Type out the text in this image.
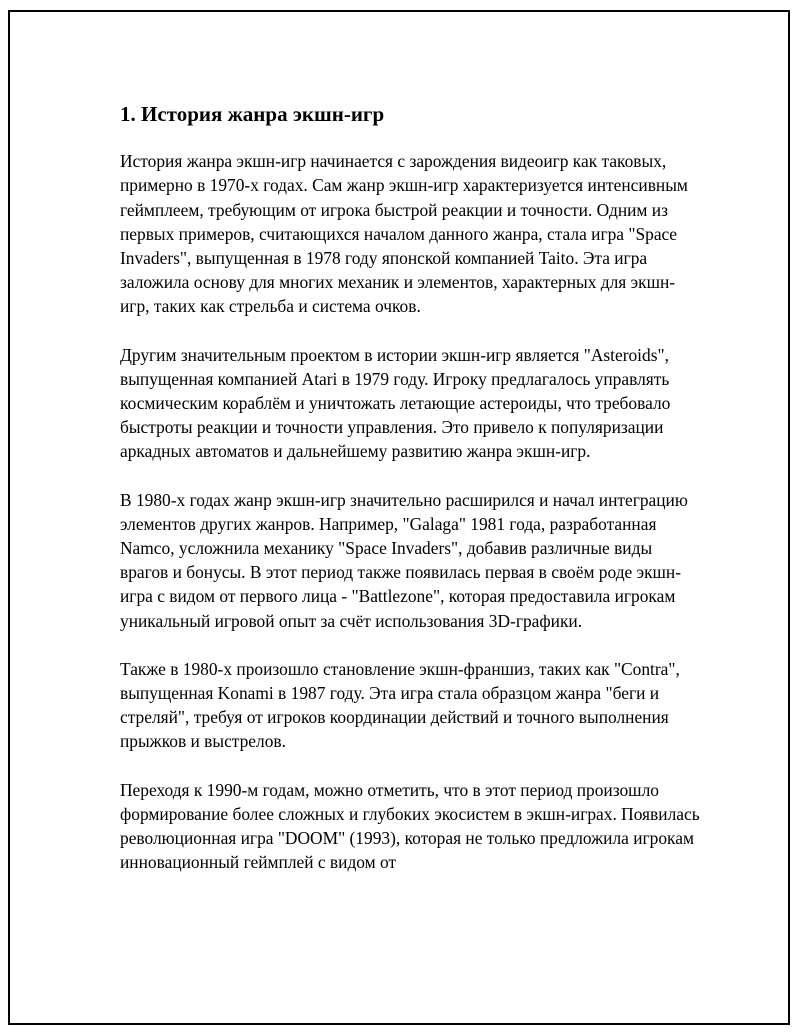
1. История жанра экшн-игр

История жанра экшн-игр начинается с зарождения видеоигр как таковых, примерно в 1970-х годах. Сам жанр экшн-игр характеризуется интенсивным геймплеем, требующим от игрока быстрой реакции и точности. Одним из первых примеров, считающихся началом данного жанра, стала игра "Space Invaders", выпущенная в 1978 году японской компанией Taito. Эта игра заложила основу для многих механик и элементов, характерных для экшн-игр, таких как стрельба и система очков.

Другим значительным проектом в истории экшн-игр является "Asteroids", выпущенная компанией Atari в 1979 году. Игроку предлагалось управлять космическим кораблём и уничтожать летающие астероиды, что требовало быстроты реакции и точности управления. Это привело к популяризации аркадных автоматов и дальнейшему развитию жанра экшн-игр.

В 1980-х годах жанр экшн-игр значительно расширился и начал интеграцию элементов других жанров. Например, "Galaga" 1981 года, разработанная Namco, усложнила механику "Space Invaders", добавив различные виды врагов и бонусы. В этот период также появилась первая в своём роде экшн-игра с видом от первого лица - "Battlezone", которая предоставила игрокам уникальный игровой опыт за счёт использования 3D-графики.

Также в 1980-х произошло становление экшн-франшиз, таких как "Contra", выпущенная Konami в 1987 году. Эта игра стала образцом жанра "беги и стреляй", требуя от игроков координации действий и точного выполнения прыжков и выстрелов.

Переходя к 1990-м годам, можно отметить, что в этот период произошло формирование более сложных и глубоких экосистем в экшн-играх. Появилась революционная игра "DOOM" (1993), которая не только предложила игрокам инновационный геймплей с видом от
